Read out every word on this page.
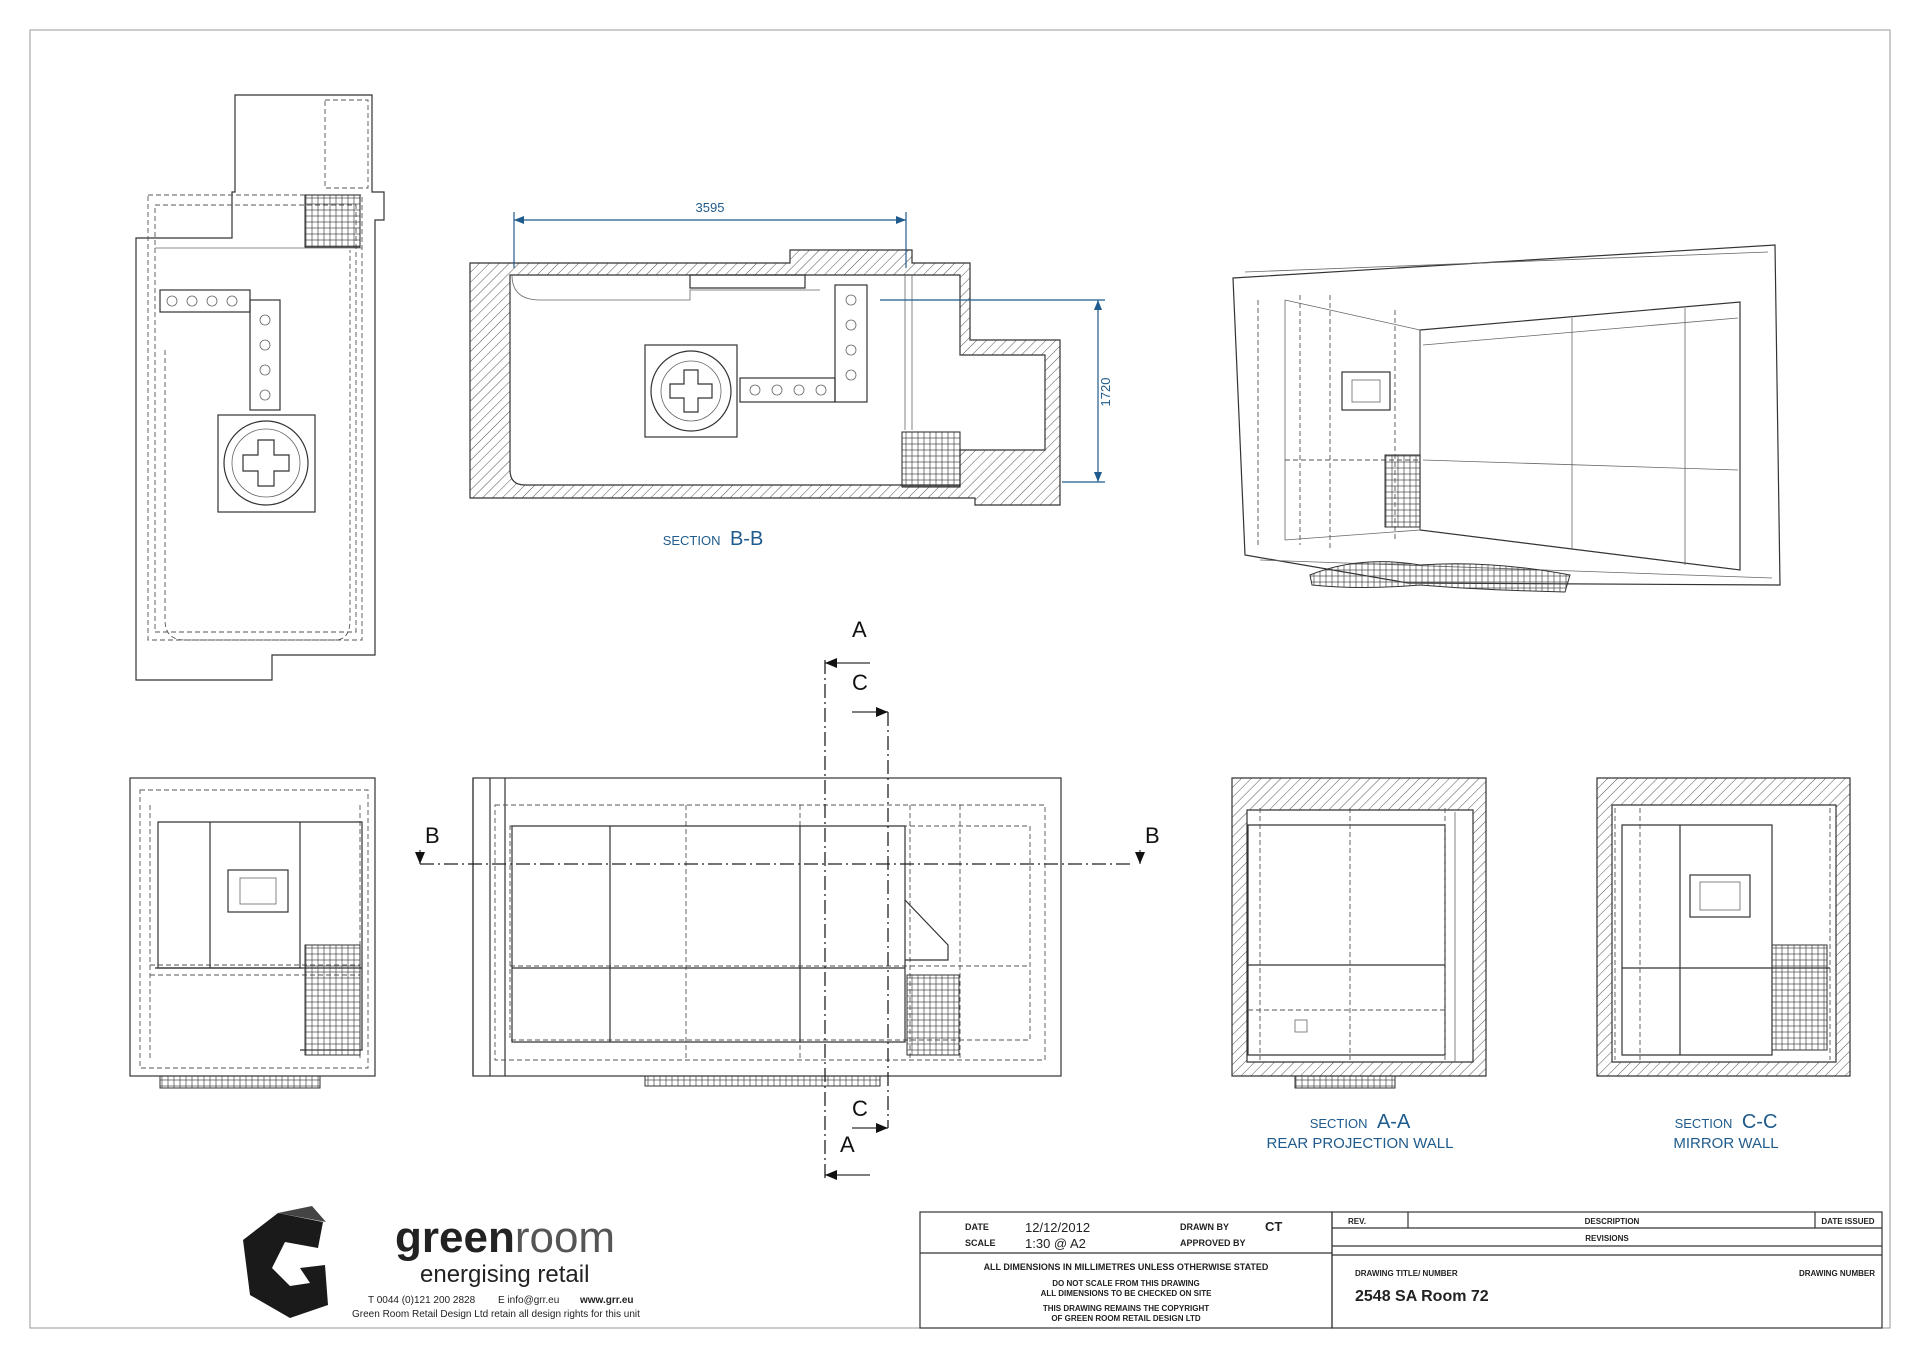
3595
1720
SECTION B-B
A
C
C
A
B	B
SECTION A-A
REAR PROJECTION WALL
SECTION C-C
MIRROR WALL
greenroom
energising retail
T 0044 (0)121 200 2828 E info@grr.eu www.grr.eu
Green Room Retail Design Ltd retain all design rights for this unit
DATE	12/12/2012
SCALE 1:30 @ A2
DRAWN BY	CT
APPROVED BY
ALL DIMENSIONS IN MILLIMETRES UNLESS OTHERWISE STATED
DO NOT SCALE FROM THIS DRAWING
ALL DIMENSIONS TO BE CHECKED ON SITE
THIS DRAWING REMAINS THE COPYRIGHT
OF GREEN ROOM RETAIL DESIGN LTD
REV.	DESCRIPTION	DATE ISSUED
REVISIONS
DRAWING TITLE/ NUMBER	DRAWING NUMBER
2548 SA Room 72
